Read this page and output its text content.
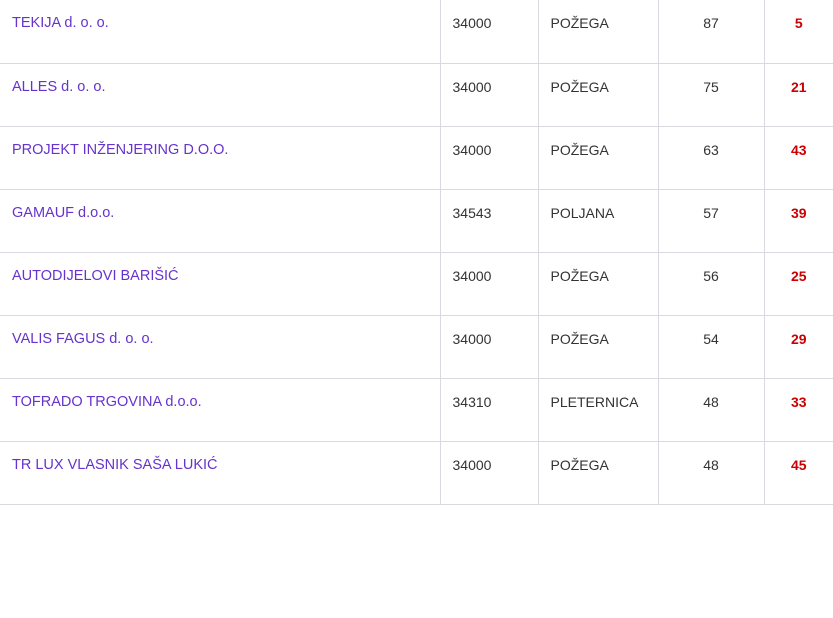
TEKIJA d. o. o.	34000	POŽEGA	87	5
ALLES d. o. o.	34000	POŽEGA	75	21
PROJEKT INŽENJERING D.O.O.	34000	POŽEGA	63	43
GAMAUF d.o.o.	34543	POLJANA	57	39
AUTODIJELOVI BARIŠIĆ	34000	POŽEGA	56	25
VALIS FAGUS d. o. o.	34000	POŽEGA	54	29
TOFRADO TRGOVINA d.o.o.	34310	PLETERNICA	48	33
TR LUX VLASNIK SAŠA LUKIĆ	34000	POŽEGA	48	45
